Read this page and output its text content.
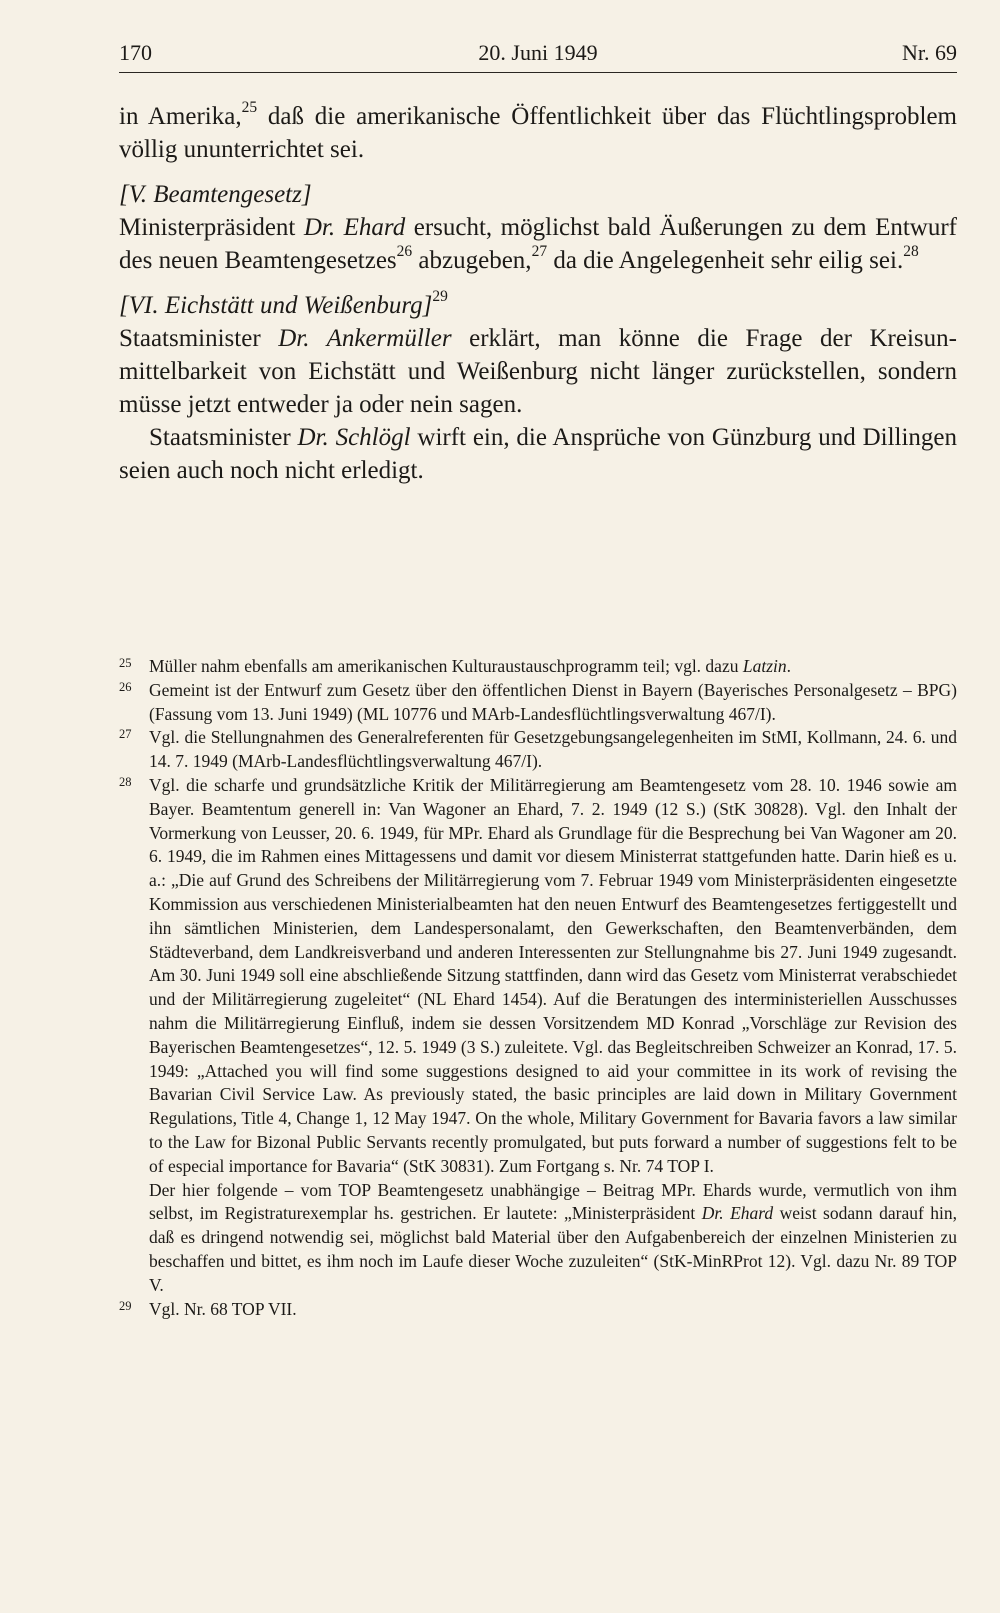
170	20. Juni 1949	Nr. 69

in Amerika,$^{25}$ daß die amerikanische Öffentlichkeit über das Flüchtlingsproblem völlig ununterrichtet sei.

[V. Beamtengesetz]

Ministerpräsident Dr. Ehard ersucht, möglichst bald Äußerungen zu dem Entwurf des neuen Beamtengesetzes$^{26}$ abzugeben,$^{27}$ da die Angelegenheit sehr eilig sei.$^{28}$

[VI. Eichstätt und Weißenburg]$^{29}$

Staatsminister Dr. Ankermüller erklärt, man könne die Frage der Kreisunmittelbarkeit von Eichstätt und Weißenburg nicht länger zurückstellen, sondern müsse jetzt entweder ja oder nein sagen.

Staatsminister Dr. Schlögl wirft ein, die Ansprüche von Günzburg und Dillingen seien auch noch nicht erledigt.

25 Müller nahm ebenfalls am amerikanischen Kulturaustauschprogramm teil; vgl. dazu Latzin.

26 Gemeint ist der Entwurf zum Gesetz über den öffentlichen Dienst in Bayern (Bayerisches Personalgesetz – BPG) (Fassung vom 13. Juni 1949) (ML 10776 und MArb-Landesflüchtlingsverwaltung 467/I).

27 Vgl. die Stellungnahmen des Generalreferenten für Gesetzgebungsangelegenheiten im StMI, Kollmann, 24. 6. und 14. 7. 1949 (MArb-Landesflüchtlingsverwaltung 467/I).

28 Vgl. die scharfe und grundsätzliche Kritik der Militärregierung am Beamtengesetz vom 28. 10. 1946 sowie am Bayer. Beamtentum generell in: Van Wagoner an Ehard, 7. 2. 1949 (12 S.) (StK 30828). Vgl. den Inhalt der Vormerkung von Leusser, 20. 6. 1949, für MPr. Ehard als Grundlage für die Besprechung bei Van Wagoner am 20. 6. 1949, die im Rahmen eines Mittagessens und damit vor diesem Ministerrat stattgefunden hatte. Darin hieß es u. a.: „Die auf Grund des Schreibens der Militärregierung vom 7. Februar 1949 vom Ministerpräsidenten eingesetzte Kommission aus verschiedenen Ministerialbeamten hat den neuen Entwurf des Beamtengesetzes fertiggestellt und ihn sämtlichen Ministerien, dem Landespersonalamt, den Gewerkschaften, den Beamtenverbänden, dem Städteverband, dem Landkreisverband und anderen Interessenten zur Stellungnahme bis 27. Juni 1949 zugesandt. Am 30. Juni 1949 soll eine abschließende Sitzung stattfinden, dann wird das Gesetz vom Ministerrat verabschiedet und der Militärregierung zugeleitet“ (NL Ehard 1454). Auf die Beratungen des interministeriellen Ausschusses nahm die Militärregierung Einfluß, indem sie dessen Vorsitzendem MD Konrad „Vorschläge zur Revision des Bayerischen Beamtengesetzes“, 12. 5. 1949 (3 S.) zuleitete. Vgl. das Begleitschreiben Schweizer an Konrad, 17. 5. 1949: „Attached you will find some suggestions designed to aid your committee in its work of revising the Bavarian Civil Service Law. As previously stated, the basic principles are laid down in Military Government Regulations, Title 4, Change 1, 12 May 1947. On the whole, Military Government for Bavaria favors a law similar to the Law for Bizonal Public Servants recently promulgated, but puts forward a number of suggestions felt to be of especial importance for Bavaria“ (StK 30831). Zum Fortgang s. Nr. 74 TOP I.
Der hier folgende – vom TOP Beamtengesetz unabhängige – Beitrag MPr. Ehards wurde, vermutlich von ihm selbst, im Registraturexemplar hs. gestrichen. Er lautete: „Ministerpräsident Dr. Ehard weist sodann darauf hin, daß es dringend notwendig sei, möglichst bald Material über den Aufgabenbereich der einzelnen Ministerien zu beschaffen und bittet, es ihm noch im Laufe dieser Woche zuzuleiten“ (StK-MinRProt 12). Vgl. dazu Nr. 89 TOP V.

29 Vgl. Nr. 68 TOP VII.
